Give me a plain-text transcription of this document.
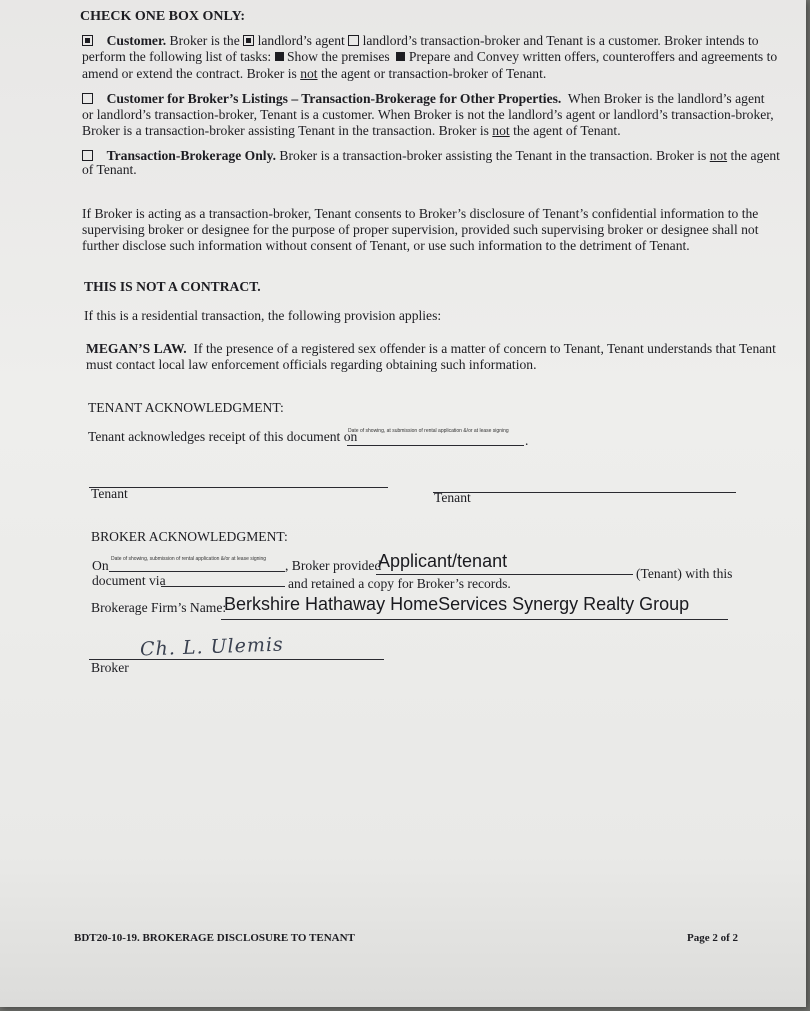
CHECK ONE BOX ONLY:
Customer. Broker is the landlord’s agent landlord’s transaction-broker and Tenant is a customer. Broker intends to
perform the following list of tasks: Show the premises Prepare and Convey written offers, counteroffers and agreements to
amend or extend the contract. Broker is not the agent or transaction-broker of Tenant.
Customer for Broker’s Listings – Transaction-Brokerage for Other Properties. When Broker is the landlord’s agent
or landlord’s transaction-broker, Tenant is a customer. When Broker is not the landlord’s agent or landlord’s transaction-broker,
Broker is a transaction-broker assisting Tenant in the transaction. Broker is not the agent of Tenant.
Transaction-Brokerage Only. Broker is a transaction-broker assisting the Tenant in the transaction. Broker is not the agent
of Tenant.
If Broker is acting as a transaction-broker, Tenant consents to Broker’s disclosure of Tenant’s confidential information to the
supervising broker or designee for the purpose of proper supervision, provided such supervising broker or designee shall not
further disclose such information without consent of Tenant, or use such information to the detriment of Tenant.
THIS IS NOT A CONTRACT.
If this is a residential transaction, the following provision applies:
MEGAN’S LAW. If the presence of a registered sex offender is a matter of concern to Tenant, Tenant understands that Tenant
must contact local law enforcement officials regarding obtaining such information.
TENANT ACKNOWLEDGMENT:
Tenant acknowledges receipt of this document on
Date of showing, at submission of rental application &/or at lease signing
.
Tenant	Tenant
BROKER ACKNOWLEDGMENT:
On Date of showing, submission of rental application &/or at lease signing , Broker provided
Applicant/tenant
(Tenant) with this
document via	and retained a copy for Broker’s records.
Brokerage Firm’s Name:
Berkshire Hathaway HomeServices Synergy Realty Group
Ch. L. Ulemis
Broker
BDT20-10-19. BROKERAGE DISCLOSURE TO TENANT	Page 2 of 2
